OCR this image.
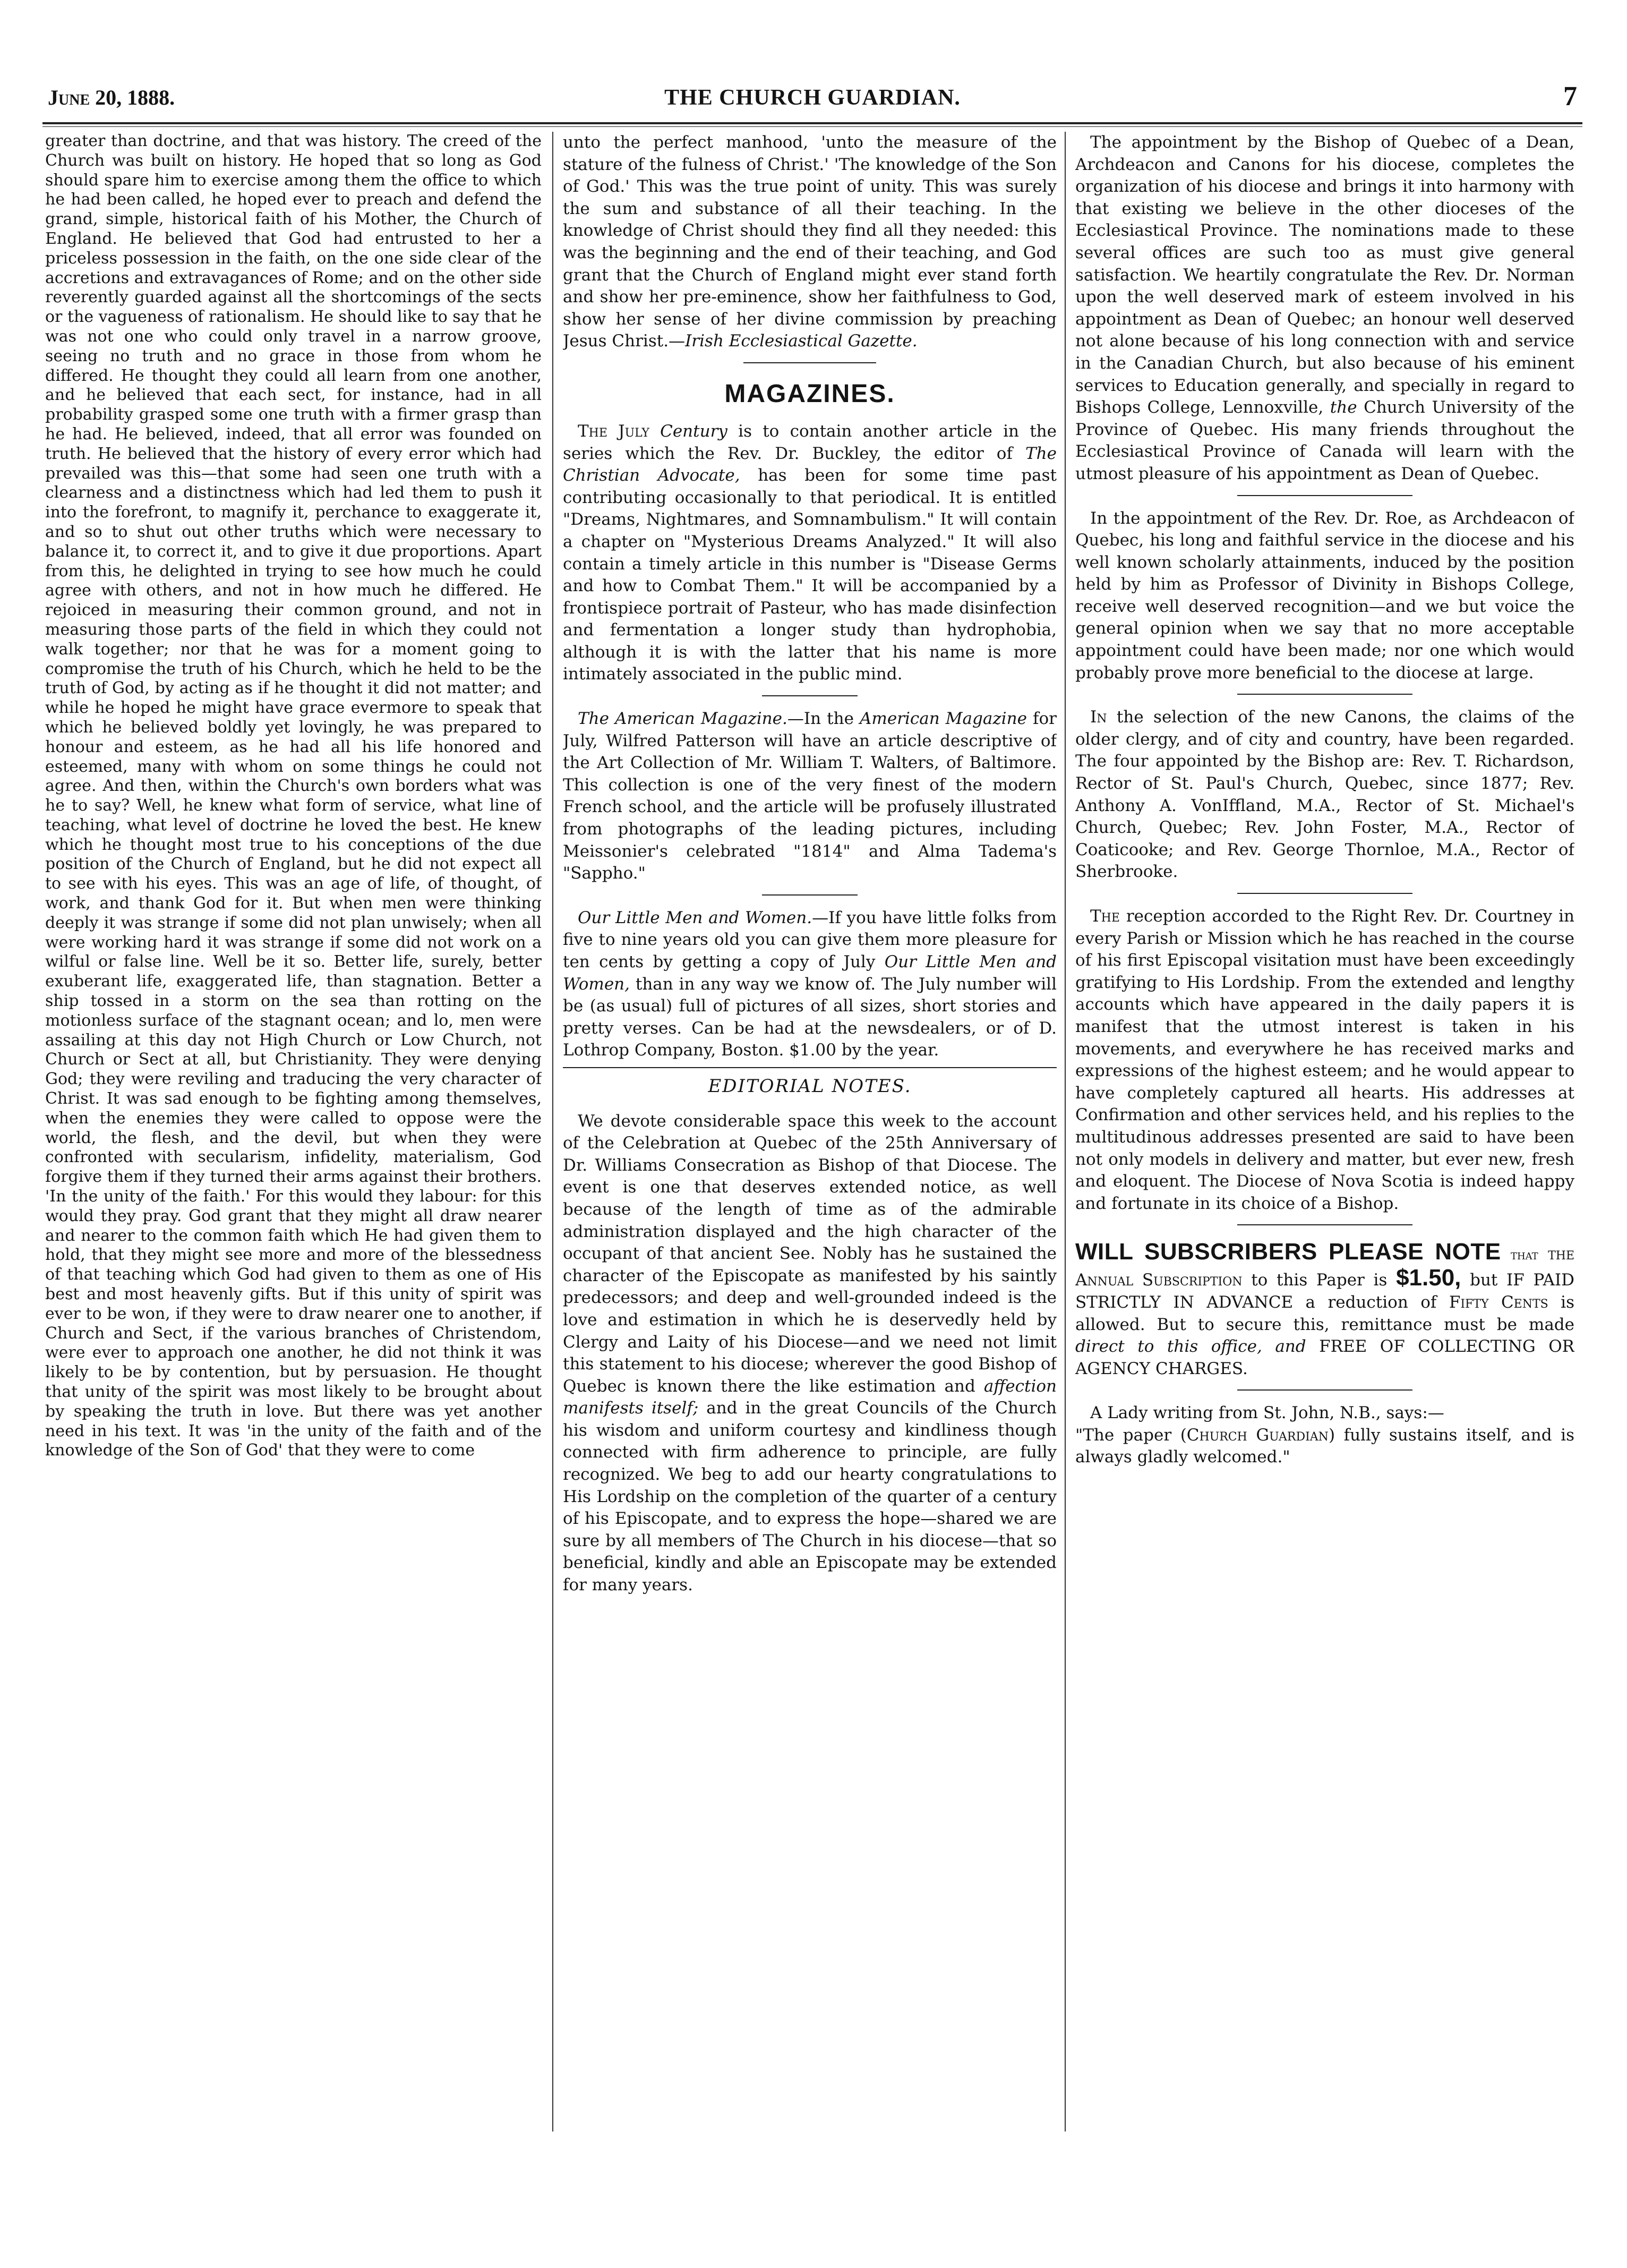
June 20, 1888.	THE CHURCH GUARDIAN.	7

greater than doctrine, and that was history. The creed of the Church was built on history. He hoped that so long as God should spare him to exercise among them the office to which he had been called, he hoped ever to preach and defend the grand, simple, historical faith of his Mother, the Church of England. He believed that God had entrusted to her a priceless possession in the faith, on the one side clear of the accretions and extravagances of Rome; and on the other side reverently guarded against all the shortcomings of the sects or the vagueness of rationalism. He should like to say that he was not one who could only travel in a narrow groove, seeing no truth and no grace in those from whom he differed. He thought they could all learn from one another, and he believed that each sect, for instance, had in all probability grasped some one truth with a firmer grasp than he had. He believed, indeed, that all error was founded on truth. He believed that the history of every error which had prevailed was this—that some had seen one truth with a clearness and a distinctness which had led them to push it into the forefront, to magnify it, perchance to exaggerate it, and so to shut out other truths which were necessary to balance it, to correct it, and to give it due proportions. Apart from this, he delighted in trying to see how much he could agree with others, and not in how much he differed. He rejoiced in measuring their common ground, and not in measuring those parts of the field in which they could not walk together; nor that he was for a moment going to compromise the truth of his Church, which he held to be the truth of God, by acting as if he thought it did not matter; and while he hoped he might have grace evermore to speak that which he believed boldly yet lovingly, he was prepared to honour and esteem, as he had all his life honored and esteemed, many with whom on some things he could not agree. And then, within the Church's own borders what was he to say? Well, he knew what form of service, what line of teaching, what level of doctrine he loved the best. He knew which he thought most true to his conceptions of the due position of the Church of England, but he did not expect all to see with his eyes. This was an age of life, of thought, of work, and thank God for it. But when men were thinking deeply it was strange if some did not plan unwisely; when all were working hard it was strange if some did not work on a wilful or false line. Well be it so. Better life, surely, better exuberant life, exaggerated life, than stagnation. Better a ship tossed in a storm on the sea than rotting on the motionless surface of the stagnant ocean; and lo, men were assailing at this day not High Church or Low Church, not Church or Sect at all, but Christianity. They were denying God; they were reviling and traducing the very character of Christ. It was sad enough to be fighting among themselves, when the enemies they were called to oppose were the world, the flesh, and the devil, but when they were confronted with secularism, infidelity, materialism, God forgive them if they turned their arms against their brothers. 'In the unity of the faith.' For this would they labour: for this would they pray. God grant that they might all draw nearer and nearer to the common faith which He had given them to hold, that they might see more and more of the blessedness of that teaching which God had given to them as one of His best and most heavenly gifts. But if this unity of spirit was ever to be won, if they were to draw nearer one to another, if Church and Sect, if the various branches of Christendom, were ever to approach one another, he did not think it was likely to be by contention, but by persuasion. He thought that unity of the spirit was most likely to be brought about by speaking the truth in love. But there was yet another need in his text. It was 'in the unity of the faith and of the knowledge of the Son of God' that they were to come

unto the perfect manhood, 'unto the measure of the stature of the fulness of Christ.' 'The knowledge of the Son of God.' This was the true point of unity. This was surely the sum and substance of all their teaching. In the knowledge of Christ should they find all they needed: this was the beginning and the end of their teaching, and God grant that the Church of England might ever stand forth and show her pre-eminence, show her faithfulness to God, show her sense of her divine commission by preaching Jesus Christ.—Irish Ecclesiastical Gazette.

MAGAZINES.

The July Century is to contain another article in the series which the Rev. Dr. Buckley, the editor of The Christian Advocate, has been for some time past contributing occasionally to that periodical. It is entitled "Dreams, Nightmares, and Somnambulism." It will contain a chapter on "Mysterious Dreams Analyzed." It will also contain a timely article in this number is "Disease Germs and how to Combat Them." It will be accompanied by a frontispiece portrait of Pasteur, who has made disinfection and fermentation a longer study than hydrophobia, although it is with the latter that his name is more intimately associated in the public mind.

The American Magazine.—In the American Magazine for July, Wilfred Patterson will have an article descriptive of the Art Collection of Mr. William T. Walters, of Baltimore. This collection is one of the very finest of the modern French school, and the article will be profusely illustrated from photographs of the leading pictures, including Meissonier's celebrated "1814" and Alma Tadema's "Sappho."

Our Little Men and Women.—If you have little folks from five to nine years old you can give them more pleasure for ten cents by getting a copy of July Our Little Men and Women, than in any way we know of. The July number will be (as usual) full of pictures of all sizes, short stories and pretty verses. Can be had at the newsdealers, or of D. Lothrop Company, Boston. $1.00 by the year.

EDITORIAL NOTES.

We devote considerable space this week to the account of the Celebration at Quebec of the 25th Anniversary of Dr. Williams Consecration as Bishop of that Diocese. The event is one that deserves extended notice, as well because of the length of time as of the admirable administration displayed and the high character of the occupant of that ancient See. Nobly has he sustained the character of the Episcopate as manifested by his saintly predecessors; and deep and well-grounded indeed is the love and estimation in which he is deservedly held by Clergy and Laity of his Diocese—and we need not limit this statement to his diocese; wherever the good Bishop of Quebec is known there the like estimation and affection manifests itself; and in the great Councils of the Church his wisdom and uniform courtesy and kindliness though connected with firm adherence to principle, are fully recognized. We beg to add our hearty congratulations to His Lordship on the completion of the quarter of a century of his Episcopate, and to express the hope—shared we are sure by all members of The Church in his diocese—that so beneficial, kindly and able an Episcopate may be extended for many years.

The appointment by the Bishop of Quebec of a Dean, Archdeacon and Canons for his diocese, completes the organization of his diocese and brings it into harmony with that existing we believe in the other dioceses of the Ecclesiastical Province. The nominations made to these several offices are such too as must give general satisfaction. We heartily congratulate the Rev. Dr. Norman upon the well deserved mark of esteem involved in his appointment as Dean of Quebec; an honour well deserved not alone because of his long connection with and service in the Canadian Church, but also because of his eminent services to Education generally, and specially in regard to Bishops College, Lennoxville, the Church University of the Province of Quebec. His many friends throughout the Ecclesiastical Province of Canada will learn with the utmost pleasure of his appointment as Dean of Quebec.

In the appointment of the Rev. Dr. Roe, as Archdeacon of Quebec, his long and faithful service in the diocese and his well known scholarly attainments, induced by the position held by him as Professor of Divinity in Bishops College, receive well deserved recognition—and we but voice the general opinion when we say that no more acceptable appointment could have been made; nor one which would probably prove more beneficial to the diocese at large.

In the selection of the new Canons, the claims of the older clergy, and of city and country, have been regarded. The four appointed by the Bishop are: Rev. T. Richardson, Rector of St. Paul's Church, Quebec, since 1877; Rev. Anthony A. VonIffland, M.A., Rector of St. Michael's Church, Quebec; Rev. John Foster, M.A., Rector of Coaticooke; and Rev. George Thornloe, M.A., Rector of Sherbrooke.

The reception accorded to the Right Rev. Dr. Courtney in every Parish or Mission which he has reached in the course of his first Episcopal visitation must have been exceedingly gratifying to His Lordship. From the extended and lengthy accounts which have appeared in the daily papers it is manifest that the utmost interest is taken in his movements, and everywhere he has received marks and expressions of the highest esteem; and he would appear to have completely captured all hearts. His addresses at Confirmation and other services held, and his replies to the multitudinous addresses presented are said to have been not only models in delivery and matter, but ever new, fresh and eloquent. The Diocese of Nova Scotia is indeed happy and fortunate in its choice of a Bishop.

WILL SUBSCRIBERS PLEASE NOTE that the Annual Subscription to this Paper is $1.50, but IF PAID STRICTLY IN ADVANCE a reduction of Fifty Cents is allowed. But to secure this, remittance must be made direct to this office, and FREE OF COLLECTING OR AGENCY CHARGES.

A Lady writing from St. John, N.B., says:—
"The paper (Church Guardian) fully sustains itself, and is always gladly welcomed."
